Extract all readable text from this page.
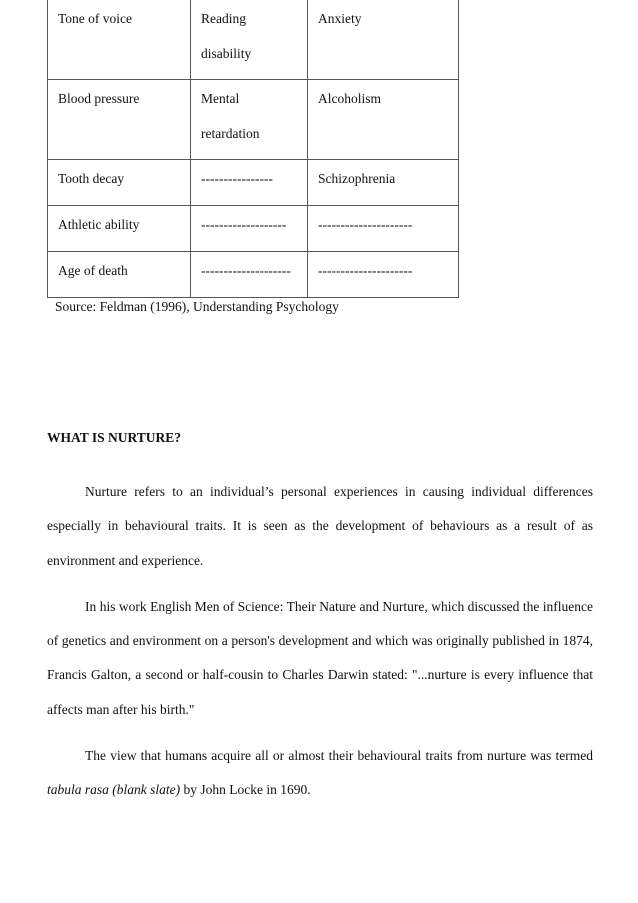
Tone of voice	Reading disability	Anxiety
Blood pressure	Mental retardation	Alcoholism
Tooth decay	----------------	Schizophrenia
Athletic ability	-------------------	---------------------
Age of death	--------------------	---------------------

Source: Feldman (1996), Understanding Psychology

WHAT IS NURTURE?

Nurture refers to an individual’s personal experiences in causing individual differences especially in behavioural traits. It is seen as the development of behaviours as a result of as environment and experience.

In his work English Men of Science: Their Nature and Nurture, which discussed the influence of genetics and environment on a person's development and which was originally published in 1874, Francis Galton, a second or half-cousin to Charles Darwin stated: "...nurture is every influence that affects man after his birth."

The view that humans acquire all or almost their behavioural traits from nurture was termed tabula rasa (blank slate) by John Locke in 1690.
